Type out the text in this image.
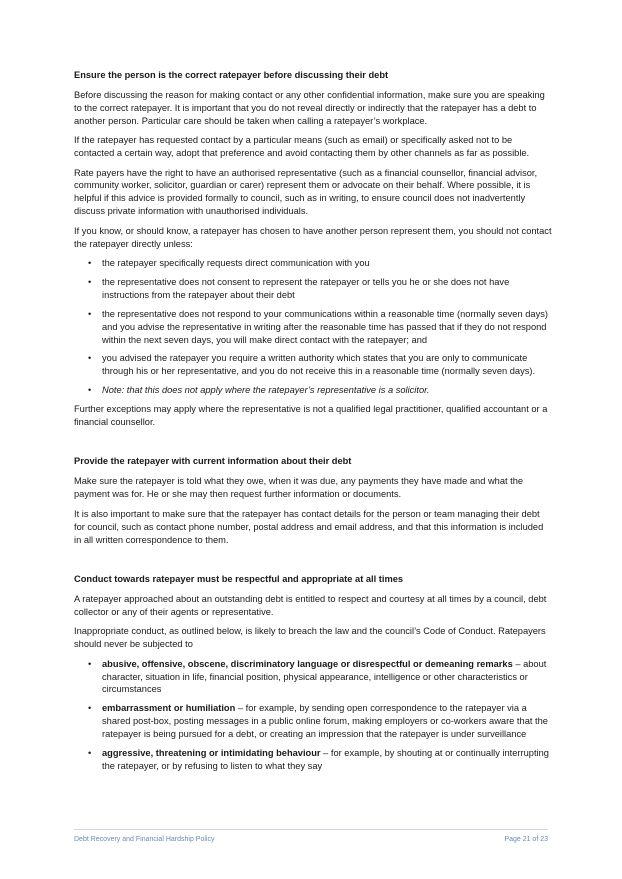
Ensure the person is the correct ratepayer before discussing their debt

Before discussing the reason for making contact or any other confidential information, make sure you are speaking to the correct ratepayer. It is important that you do not reveal directly or indirectly that the ratepayer has a debt to another person. Particular care should be taken when calling a ratepayer’s workplace.

If the ratepayer has requested contact by a particular means (such as email) or specifically asked not to be contacted a certain way, adopt that preference and avoid contacting them by other channels as far as possible.

Rate payers have the right to have an authorised representative (such as a financial counsellor, financial advisor, community worker, solicitor, guardian or carer) represent them or advocate on their behalf. Where possible, it is helpful if this advice is provided formally to council, such as in writing, to ensure council does not inadvertently discuss private information with unauthorised individuals.

If you know, or should know, a ratepayer has chosen to have another person represent them, you should not contact the ratepayer directly unless:

• the ratepayer specifically requests direct communication with you
• the representative does not consent to represent the ratepayer or tells you he or she does not have instructions from the ratepayer about their debt
• the representative does not respond to your communications within a reasonable time (normally seven days) and you advise the representative in writing after the reasonable time has passed that if they do not respond within the next seven days, you will make direct contact with the ratepayer; and
• you advised the ratepayer you require a written authority which states that you are only to communicate through his or her representative, and you do not receive this in a reasonable time (normally seven days).
• Note: that this does not apply where the ratepayer’s representative is a solicitor.

Further exceptions may apply where the representative is not a qualified legal practitioner, qualified accountant or a financial counsellor.

Provide the ratepayer with current information about their debt

Make sure the ratepayer is told what they owe, when it was due, any payments they have made and what the payment was for. He or she may then request further information or documents.

It is also important to make sure that the ratepayer has contact details for the person or team managing their debt for council, such as contact phone number, postal address and email address, and that this information is included in all written correspondence to them.

Conduct towards ratepayer must be respectful and appropriate at all times

A ratepayer approached about an outstanding debt is entitled to respect and courtesy at all times by a council, debt collector or any of their agents or representative.

Inappropriate conduct, as outlined below, is likely to breach the law and the council’s Code of Conduct. Ratepayers should never be subjected to

• abusive, offensive, obscene, discriminatory language or disrespectful or demeaning remarks – about character, situation in life, financial position, physical appearance, intelligence or other characteristics or circumstances
• embarrassment or humiliation – for example, by sending open correspondence to the ratepayer via a shared post-box, posting messages in a public online forum, making employers or co-workers aware that the ratepayer is being pursued for a debt, or creating an impression that the ratepayer is under surveillance
• aggressive, threatening or intimidating behaviour – for example, by shouting at or continually interrupting the ratepayer, or by refusing to listen to what they say
Debt Recovery and Financial Hardship Policy	Page 21 of 23
